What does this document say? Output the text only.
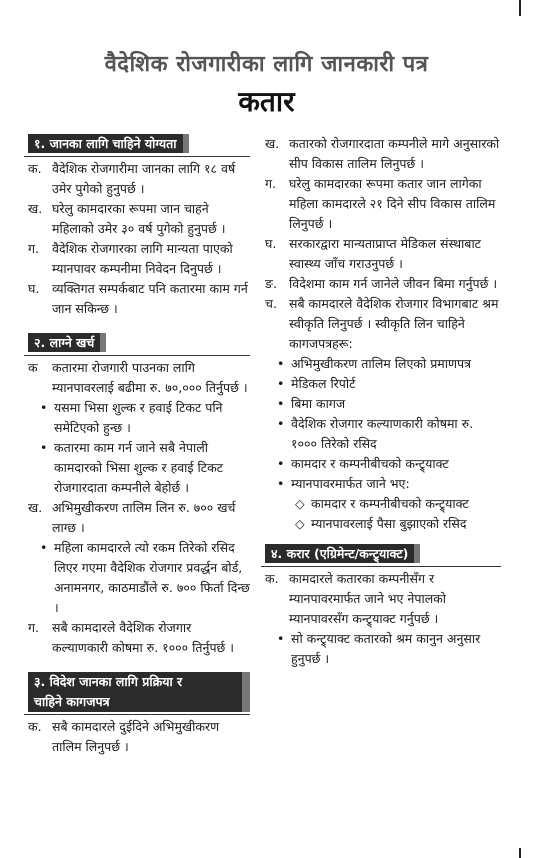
वैदेशिक रोजगारीका लागि जानकारी पत्र
कतार
१. जानका लागि चाहिने योग्यता
क. वैदेशिक रोजगारीमा जानका लागि १८ वर्ष उमेर पुगेको हुनुपर्छ ।
ख. घरेलु कामदारका रूपमा जान चाहने महिलाको उमेर ३० वर्ष पुगेको हुनुपर्छ ।
ग.	वैदेशिक रोजगारका लागि मान्यता पाएको म्यानपावर कम्पनीमा निवेदन दिनुपर्छ ।
घ.	व्यक्तिगत सम्पर्कबाट पनि कतारमा काम गर्न जान सकिन्छ ।
२. लाग्ने खर्च
क	कतारमा रोजगारी पाउनका लागि म्यानपावरलाई बढीमा रु. ७०,००० तिर्नुपर्छ ।
• यसमा भिसा शुल्क र हवाई टिकट पनि समेटिएको हुन्छ ।
• कतारमा काम गर्न जाने सबै नेपाली कामदारको भिसा शुल्क र हवाई टिकट रोजगारदाता कम्पनीले बेहोर्छ ।
ख. अभिमुखीकरण तालिम लिन रु. ७०० खर्च लाग्छ ।
• महिला कामदारले त्यो रकम तिरेको रसिद लिएर गएमा वैदेशिक रोजगार प्रवर्द्धन बोर्ड, अनामनगर, काठमाडौंले रु. ७०० फिर्ता दिन्छ ।
ग.	सबै कामदारले वैदेशिक रोजगार कल्याणकारी कोषमा रु. १००० तिर्नुपर्छ ।
३. विदेश जानका लागि प्रक्रिया र
चाहिने कागजपत्र
क. सबै कामदारले दुईदिने अभिमुखीकरण तालिम लिनुपर्छ ।
ख. कतारको रोजगारदाता कम्पनीले मागे अनुसारको सीप विकास तालिम लिनुपर्छ ।
ग.	घरेलु कामदारका रूपमा कतार जान लागेका महिला कामदारले २१ दिने सीप विकास तालिम लिनुपर्छ ।
घ.	सरकारद्वारा मान्यताप्राप्त मेडिकल संस्थाबाट स्वास्थ्य जाँच गराउनुपर्छ ।
ङ. विदेशमा काम गर्न जानेले जीवन बिमा गर्नुपर्छ ।
च. सबै कामदारले वैदेशिक रोजगार विभागबाट श्रम स्वीकृति लिनुपर्छ । स्वीकृति लिन चाहिने कागजपत्रहरू:
• अभिमुखीकरण तालिम लिएको प्रमाणपत्र
• मेडिकल रिपोर्ट
• बिमा कागज
• वैदेशिक रोजगार कल्याणकारी कोषमा रु. १००० तिरेको रसिद
• कामदार र कम्पनीबीचको कन्ट्र्याक्ट
• म्यानपावरमार्फत जाने भए:
◇ कामदार र कम्पनीबीचको कन्ट्र्याक्ट
◇ म्यानपावरलाई पैसा बुझाएको रसिद
४. करार (एग्रिमेन्ट/कन्ट्र्याक्ट)
क. कामदारले कतारका कम्पनीसँग र म्यानपावरमार्फत जाने भए नेपालको म्यानपावरसँग कन्ट्र्याक्ट गर्नुपर्छ ।
• सो कन्ट्र्याक्ट कतारको श्रम कानुन अनुसार हुनुपर्छ ।
